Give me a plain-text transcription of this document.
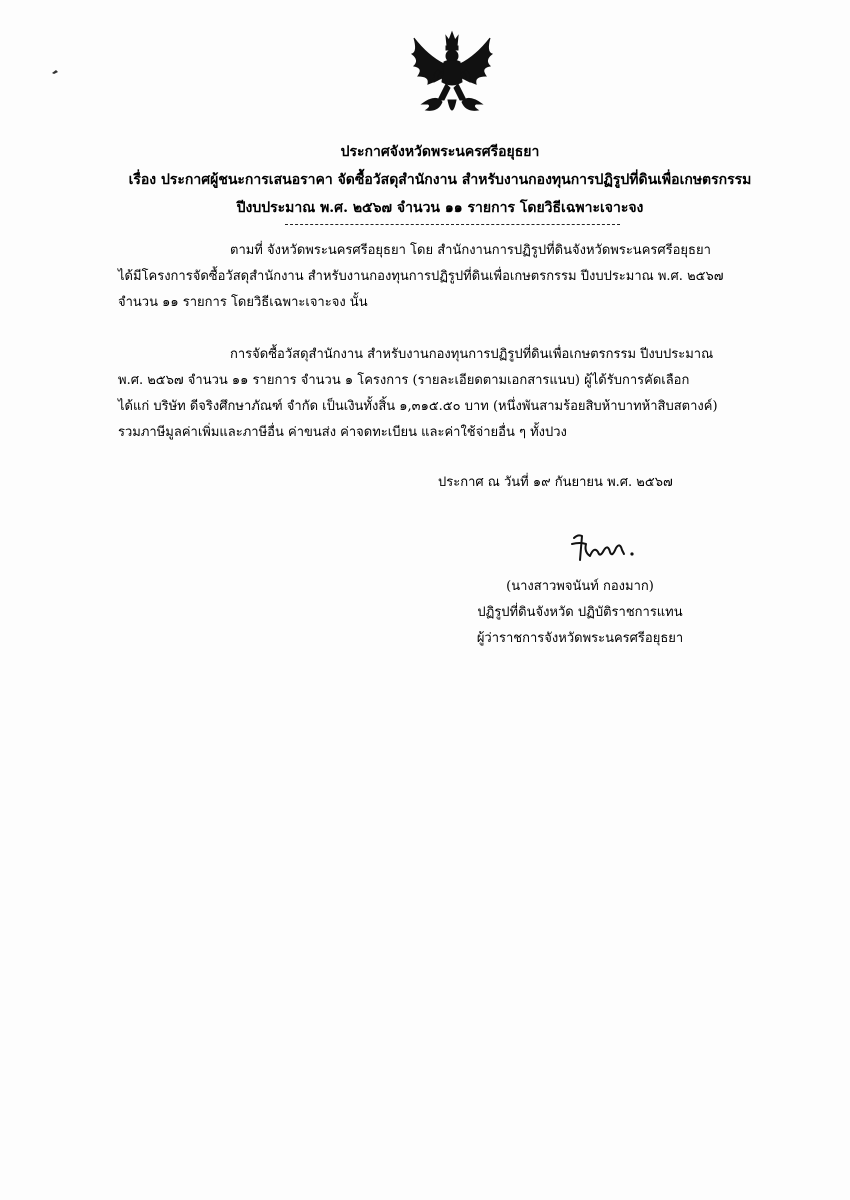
ประกาศจังหวัดพระนครศรีอยุธยา
เรื่อง ประกาศผู้ชนะการเสนอราคา จัดซื้อวัสดุสำนักงาน สำหรับงานกองทุนการปฏิรูปที่ดินเพื่อเกษตรกรรม
ปีงบประมาณ พ.ศ. ๒๕๖๗ จำนวน ๑๑ รายการ โดยวิธีเฉพาะเจาะจง
ตามที่ จังหวัดพระนครศรีอยุธยา โดย สำนักงานการปฏิรูปที่ดินจังหวัดพระนครศรีอยุธยา
ได้มีโครงการจัดซื้อวัสดุสำนักงาน สำหรับงานกองทุนการปฏิรูปที่ดินเพื่อเกษตรกรรม ปีงบประมาณ พ.ศ. ๒๕๖๗
จำนวน ๑๑ รายการ โดยวิธีเฉพาะเจาะจง นั้น
การจัดซื้อวัสดุสำนักงาน สำหรับงานกองทุนการปฏิรูปที่ดินเพื่อเกษตรกรรม ปีงบประมาณ
พ.ศ. ๒๕๖๗ จำนวน ๑๑ รายการ จำนวน ๑ โครงการ (รายละเอียดตามเอกสารแนบ) ผู้ได้รับการคัดเลือก
ได้แก่ บริษัท ดีจริงศึกษาภัณฑ์ จำกัด เป็นเงินทั้งสิ้น ๑,๓๑๕.๕๐ บาท (หนึ่งพันสามร้อยสิบห้าบาทห้าสิบสตางค์)
รวมภาษีมูลค่าเพิ่มและภาษีอื่น ค่าขนส่ง ค่าจดทะเบียน และค่าใช้จ่ายอื่น ๆ ทั้งปวง
ประกาศ ณ วันที่ ๑๙ กันยายน พ.ศ. ๒๕๖๗
(นางสาวพจนันท์ กองมาก)
ปฏิรูปที่ดินจังหวัด ปฏิบัติราชการแทน
ผู้ว่าราชการจังหวัดพระนครศรีอยุธยา
